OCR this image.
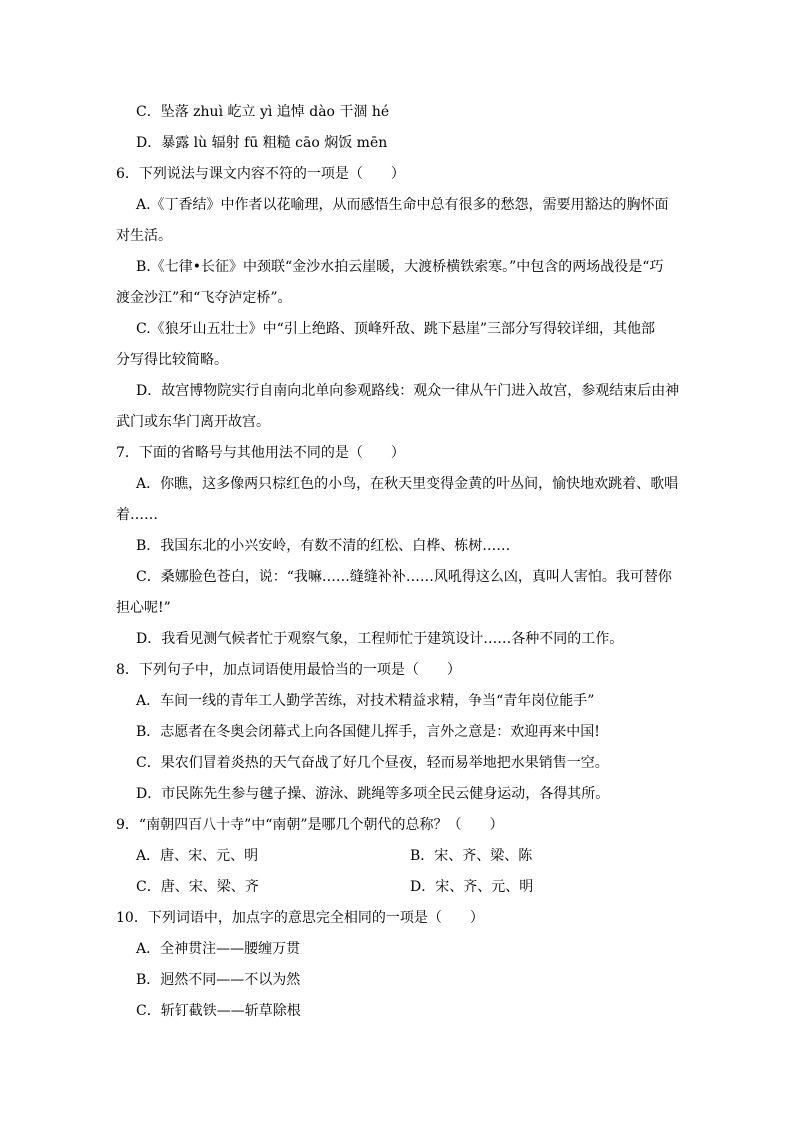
C．坠落 zhuì 屹立 yì 追悼 dào 干涸 hé
D．暴露 lù 辐射 fū 粗糙 cāo 焖饭 mēn
6．下列说法与课文内容不符的一项是（　　）
A.《丁香结》中作者以花喻理，从而感悟生命中总有很多的愁怨，需要用豁达的胸怀面
对生活。
B.《七律•长征》中颈联“金沙水拍云崖暖，大渡桥横铁索寒。”中包含的两场战役是“巧
渡金沙江”和“飞夺泸定桥”。
C.《狼牙山五壮士》中“引上绝路、顶峰歼敌、跳下悬崖”三部分写得较详细，其他部
分写得比较简略。
D．故宫博物院实行自南向北单向参观路线：观众一律从午门进入故宫，参观结束后由神
武门或东华门离开故宫。
7．下面的省略号与其他用法不同的是（　　）
A．你瞧，这多像两只棕红色的小鸟，在秋天里变得金黄的叶丛间，愉快地欢跳着、歌唱
着……
B．我国东北的小兴安岭，有数不清的红松、白桦、栋树……
C．桑娜脸色苍白，说：“我嘛……缝缝补补……风吼得这么凶，真叫人害怕。我可替你
担心呢!”
D．我看见测气候者忙于观察气象，工程师忙于建筑设计……各种不同的工作。
8．下列句子中，加点词语使用最恰当的一项是（　　）
A．车间一线的青年工人勤学苦练，对技术精益求精，争当“青年岗位能手”
B．志愿者在冬奥会闭幕式上向各国健儿挥手，言外之意是：欢迎再来中国!
C．果农们冒着炎热的天气奋战了好几个昼夜，轻而易举地把水果销售一空。
D．市民陈先生参与毽子操、游泳、跳绳等多项全民云健身运动，各得其所。
9．“南朝四百八十寺”中“南朝”是哪几个朝代的总称？（　　）
A．唐、宋、元、明	B．宋、齐、梁、陈
C．唐、宋、梁、齐	D．宋、齐、元、明
10．下列词语中，加点字的意思完全相同的一项是（　　）
A．全神贯注——腰缠万贯
B．迥然不同——不以为然
C．斩钉截铁——斩草除根
